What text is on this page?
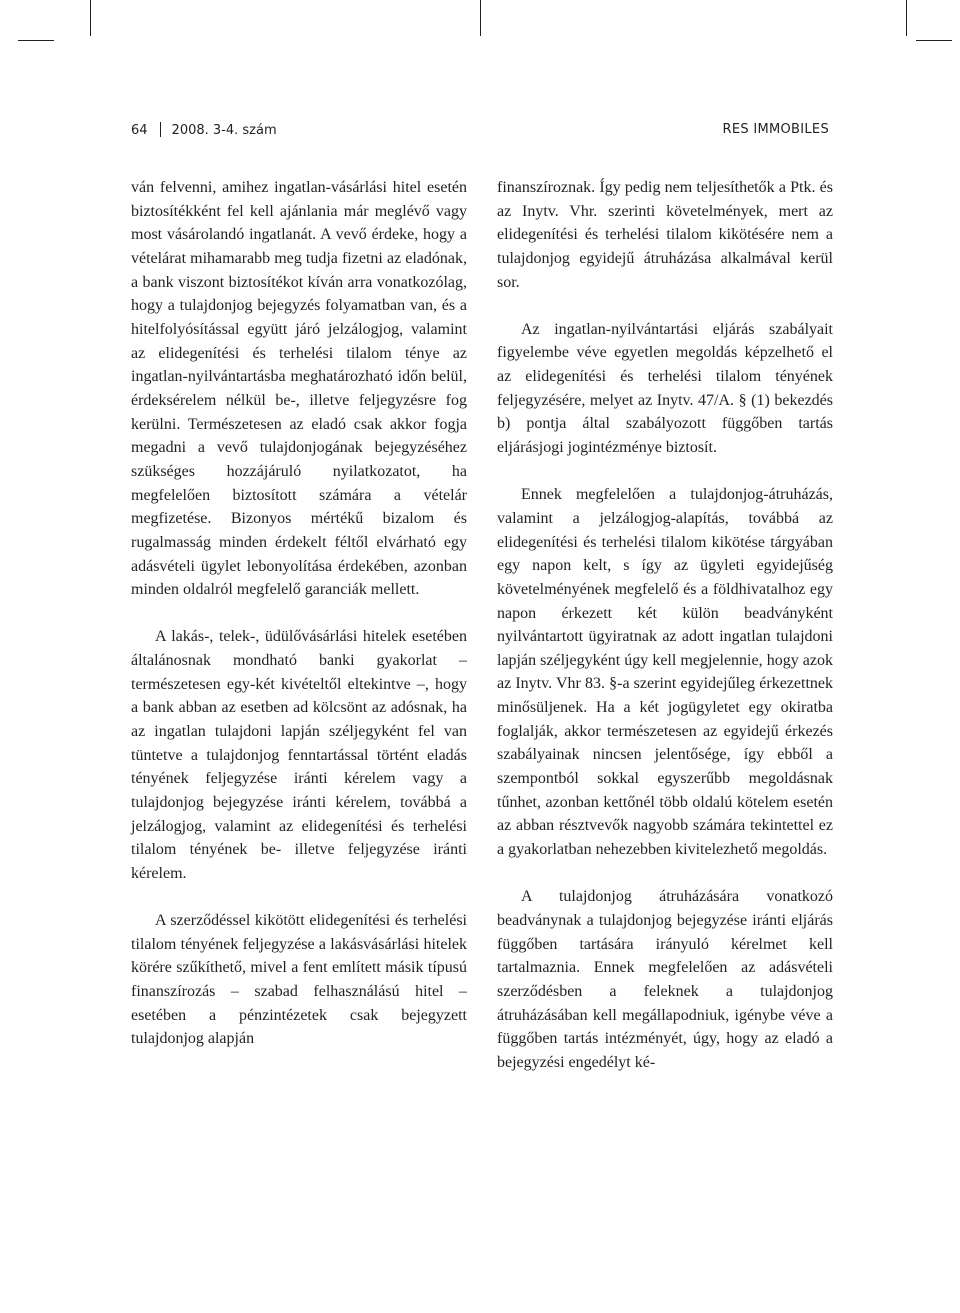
64 2008. 3-4. szám	RES IMMOBILES

ván felvenni, amihez ingatlan-vásárlási hitel esetén biztosítékként fel kell ajánlania már meglévő vagy most vásárolandó ingatlanát. A vevő érdeke, hogy a vételárat mihamarabb meg tudja fizetni az eladónak, a bank viszont biztosítékot kíván arra vonatkozólag, hogy a tulajdonjog bejegyzés folyamatban van, és a hitelfolyósítással együtt járó jelzálogjog, valamint az elidegenítési és terhelési tilalom ténye az ingatlan-nyilvántartásba meghatározható időn belül, érdeksérelem nélkül be-, illetve feljegyzésre fog kerülni. Természetesen az eladó csak akkor fogja megadni a vevő tulajdonjogának bejegyzéséhez szükséges hozzájáruló nyilatkozatot, ha megfelelően biztosított számára a vételár megfizetése. Bizonyos mértékű bizalom és rugalmasság minden érdekelt féltől elvárható egy adásvételi ügylet lebonyolítása érdekében, azonban minden oldalról megfelelő garanciák mellett.

A lakás-, telek-, üdülővásárlási hitelek esetében általánosnak mondható banki gyakorlat – természetesen egy-két kivételtől eltekintve –, hogy a bank abban az esetben ad kölcsönt az adósnak, ha az ingatlan tulajdoni lapján széljegyként fel van tüntetve a tulajdonjog fenntartással történt eladás tényének feljegyzése iránti kérelem vagy a tulajdonjog bejegyzése iránti kérelem, továbbá a jelzálogjog, valamint az elidegenítési és terhelési tilalom tényének be- illetve feljegyzése iránti kérelem.

A szerződéssel kikötött elidegenítési és terhelési tilalom tényének feljegyzése a lakásvásárlási hitelek körére szűkíthető, mivel a fent említett másik típusú finanszírozás – szabad felhasználású hitel – esetében a pénzintézetek csak bejegyzett tulajdonjog alapján

finanszíroznak. Így pedig nem teljesíthetők a Ptk. és az Inytv. Vhr. szerinti követelmények, mert az elidegenítési és terhelési tilalom kikötésére nem a tulajdonjog egyidejű átruházása alkalmával kerül sor.

Az ingatlan-nyilvántartási eljárás szabályait figyelembe véve egyetlen megoldás képzelhető el az elidegenítési és terhelési tilalom tényének feljegyzésére, melyet az Inytv. 47/A. § (1) bekezdés b) pontja által szabályozott függőben tartás eljárásjogi jogintézménye biztosít.

Ennek megfelelően a tulajdonjog-átruházás, valamint a jelzálogjog-alapítás, továbbá az elidegenítési és terhelési tilalom kikötése tárgyában egy napon kelt, s így az ügyleti egyidejűség követelményének megfelelő és a földhivatalhoz egy napon érkezett két külön beadványként nyilvántartott ügyiratnak az adott ingatlan tulajdoni lapján széljegyként úgy kell megjelennie, hogy azok az Inytv. Vhr 83. §-a szerint egyidejűleg érkezettnek minősüljenek. Ha a két jogügyletet egy okiratba foglalják, akkor természetesen az egyidejű érkezés szabályainak nincsen jelentősége, így ebből a szempontból sokkal egyszerűbb megoldásnak tűnhet, azonban kettőnél több oldalú kötelem esetén az abban résztvevők nagyobb számára tekintettel ez a gyakorlatban nehezebben kivitelezhető megoldás.

A tulajdonjog átruházására vonatkozó beadványnak a tulajdonjog bejegyzése iránti eljárás függőben tartására irányuló kérelmet kell tartalmaznia. Ennek megfelelően az adásvételi szerződésben a feleknek a tulajdonjog átruházásában kell megállapodniuk, igénybe véve a függőben tartás intézményét, úgy, hogy az eladó a bejegyzési engedélyt ké-
